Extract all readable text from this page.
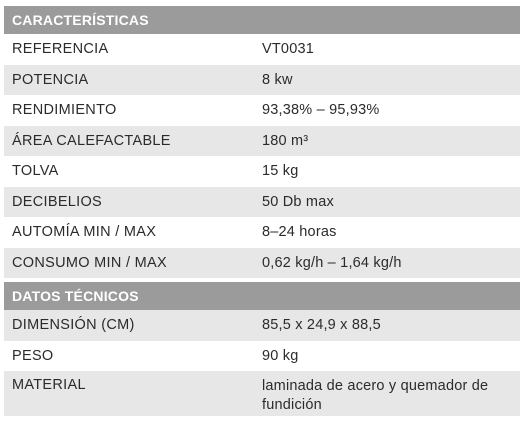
CARACTERÍSTICAS
REFERENCIA	VT0031
POTENCIA	8 kw
RENDIMIENTO	93,38% – 95,93%
ÁREA CALEFACTABLE	180 m³
TOLVA	15 kg
DECIBELIOS	50 Db max
AUTOMÍA MIN / MAX	8–24 horas
CONSUMO MIN / MAX	0,62 kg/h – 1,64 kg/h
DATOS TÉCNICOS
DIMENSIÓN (CM)	85,5 x 24,9 x 88,5
PESO	90 kg
MATERIAL	laminada de acero y quemador de fundición
